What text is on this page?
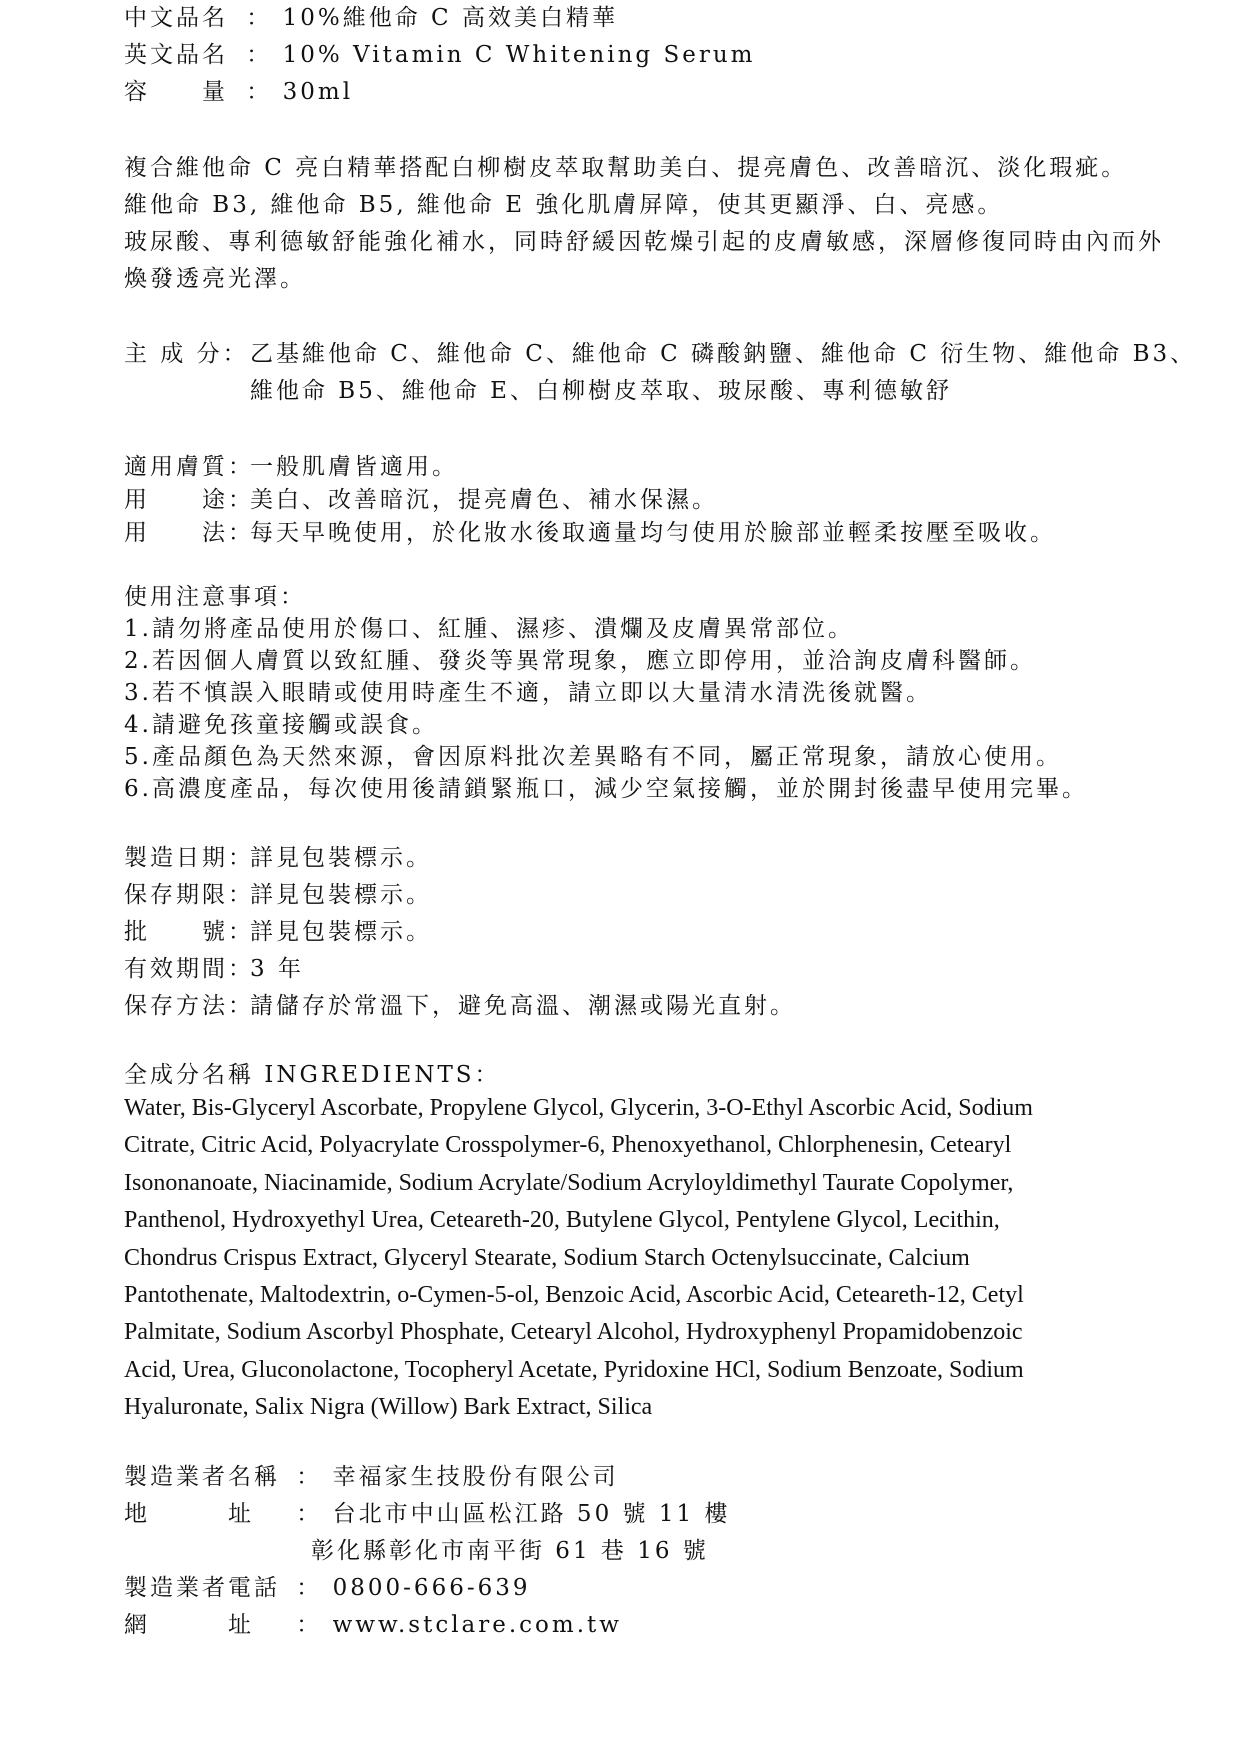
中文品名 ： 10%維他命 C 高效美白精華
英文品名 ： 10% Vitamin C Whitening Serum
容　　量 ： 30ml
複合維他命 C 亮白精華搭配白柳樹皮萃取幫助美白、提亮膚色、改善暗沉、淡化瑕疵。
維他命 B3, 維他命 B5, 維他命 E 強化肌膚屏障，使其更顯淨、白、亮感。
玻尿酸、專利德敏舒能強化補水，同時舒緩因乾燥引起的皮膚敏感，深層修復同時由內而外
煥發透亮光澤。
主 成 分：乙基維他命 C、維他命 C、維他命 C 磷酸鈉鹽、維他命 C 衍生物、維他命 B3、
維他命 B5、維他命 E、白柳樹皮萃取、玻尿酸、專利德敏舒
適用膚質：一般肌膚皆適用。
用　　途：美白、改善暗沉，提亮膚色、補水保濕。
用　　法：每天早晚使用，於化妝水後取適量均勻使用於臉部並輕柔按壓至吸收。
使用注意事項：
1.請勿將產品使用於傷口、紅腫、濕疹、潰爛及皮膚異常部位。
2.若因個人膚質以致紅腫、發炎等異常現象，應立即停用，並洽詢皮膚科醫師。
3.若不慎誤入眼睛或使用時產生不適，請立即以大量清水清洗後就醫。
4.請避免孩童接觸或誤食。
5.產品顏色為天然來源，會因原料批次差異略有不同，屬正常現象，請放心使用。
6.高濃度產品，每次使用後請鎖緊瓶口，減少空氣接觸，並於開封後盡早使用完畢。
製造日期：詳見包裝標示。
保存期限：詳見包裝標示。
批　　號：詳見包裝標示。
有效期間：3 年
保存方法：請儲存於常溫下，避免高溫、潮濕或陽光直射。
全成分名稱 INGREDIENTS：
Water, Bis-Glyceryl Ascorbate, Propylene Glycol, Glycerin, 3-O-Ethyl Ascorbic Acid, Sodium
Citrate, Citric Acid, Polyacrylate Crosspolymer-6, Phenoxyethanol, Chlorphenesin, Cetearyl
Isononanoate, Niacinamide, Sodium Acrylate/Sodium Acryloyldimethyl Taurate Copolymer,
Panthenol, Hydroxyethyl Urea, Ceteareth-20, Butylene Glycol, Pentylene Glycol, Lecithin,
Chondrus Crispus Extract, Glyceryl Stearate, Sodium Starch Octenylsuccinate, Calcium
Pantothenate, Maltodextrin, o-Cymen-5-ol, Benzoic Acid, Ascorbic Acid, Ceteareth-12, Cetyl
Palmitate, Sodium Ascorbyl Phosphate, Cetearyl Alcohol, Hydroxyphenyl Propamidobenzoic
Acid, Urea, Gluconolactone, Tocopheryl Acetate, Pyridoxine HCl, Sodium Benzoate, Sodium
Hyaluronate, Salix Nigra (Willow) Bark Extract, Silica
製造業者名稱 ： 幸福家生技股份有限公司
地　　　址 ： 台北市中山區松江路 50 號 11 樓
彰化縣彰化市南平街 61 巷 16 號
製造業者電話 ： 0800-666-639
網　　　址 ： www.stclare.com.tw
